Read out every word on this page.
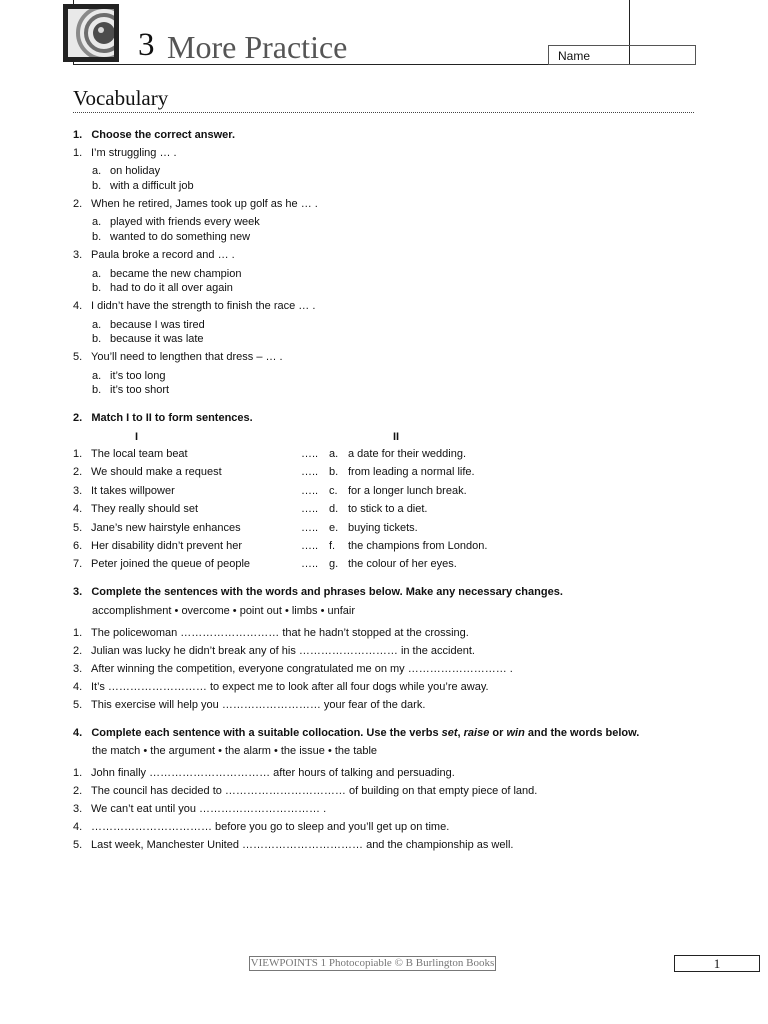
3 More Practice	Name
Vocabulary
1.   Choose the correct answer.
1. I’m struggling … .
a. on holiday
b. with a difficult job
2. When he retired, James took up golf as he … .
a. played with friends every week
b. wanted to do something new
3. Paula broke a record and … .
a. became the new champion
b. had to do it all over again
4. I didn’t have the strength to finish the race … .
a. because I was tired
b. because it was late
5. You’ll need to lengthen that dress – … .
a. it’s too long
b. it’s too short
2.   Match I to II to form sentences.
I	II
1. The local team beat	….. a. a date for their wedding.
2. We should make a request	….. b. from leading a normal life.
3. It takes willpower	….. c. for a longer lunch break.
4. They really should set	….. d. to stick to a diet.
5. Jane’s new hairstyle enhances	….. e. buying tickets.
6. Her disability didn’t prevent her	….. f. the champions from London.
7. Peter joined the queue of people	….. g. the colour of her eyes.
3.   Complete the sentences with the words and phrases below. Make any necessary changes.
accomplishment • overcome • point out • limbs • unfair
1. The policewoman ……………………… that he hadn’t stopped at the crossing.
2. Julian was lucky he didn’t break any of his ……………………… in the accident.
3. After winning the competition, everyone congratulated me on my ……………………… .
4. It’s ……………………… to expect me to look after all four dogs while you’re away.
5. This exercise will help you ……………………… your fear of the dark.
4.   Complete each sentence with a suitable collocation. Use the verbs set, raise or win and the words below.
the match • the argument • the alarm • the issue • the table
1. John finally …………………………… after hours of talking and persuading.
2. The council has decided to …………………………… of building on that empty piece of land.
3. We can’t eat until you …………………………… .
4. …………………………… before you go to sleep and you’ll get up on time.
5. Last week, Manchester United …………………………… and the championship as well.
VIEWPOINTS 1 Photocopiable © B Burlington Books	1
